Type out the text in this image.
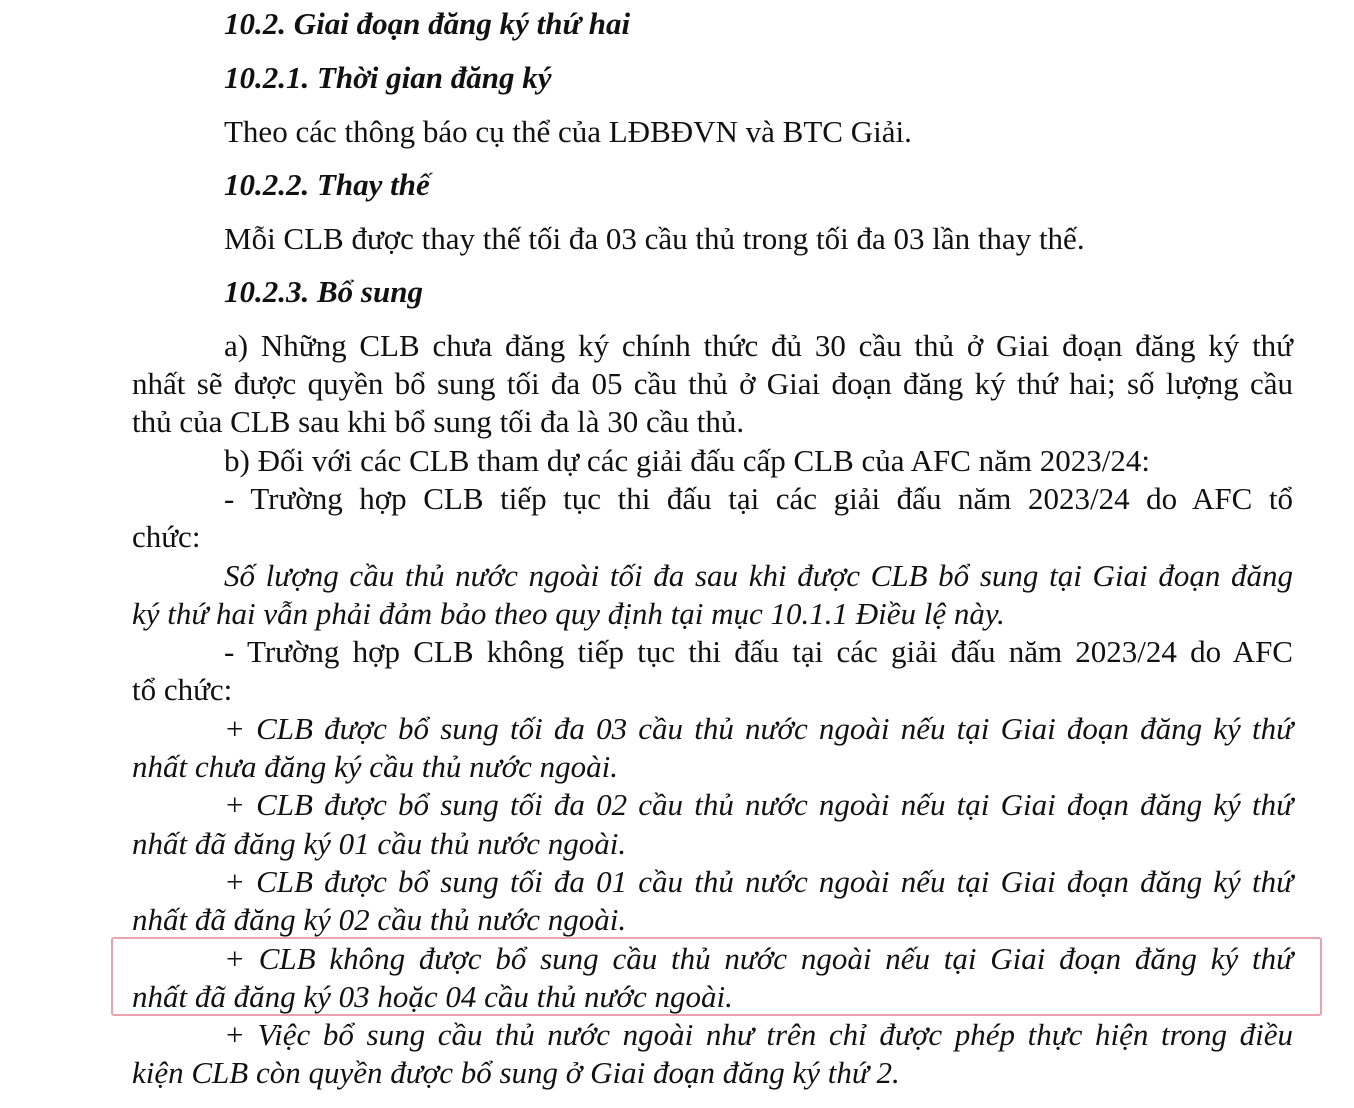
10.2. Giai đoạn đăng ký thứ hai
10.2.1. Thời gian đăng ký
Theo các thông báo cụ thể của LĐBĐVN và BTC Giải.
10.2.2. Thay thế
Mỗi CLB được thay thế tối đa 03 cầu thủ trong tối đa 03 lần thay thế.
10.2.3. Bổ sung
a) Những CLB chưa đăng ký chính thức đủ 30 cầu thủ ở Giai đoạn đăng ký thứ
nhất sẽ được quyền bổ sung tối đa 05 cầu thủ ở Giai đoạn đăng ký thứ hai; số lượng cầu
thủ của CLB sau khi bổ sung tối đa là 30 cầu thủ.
b) Đối với các CLB tham dự các giải đấu cấp CLB của AFC năm 2023/24:
- Trường hợp CLB tiếp tục thi đấu tại các giải đấu năm 2023/24 do AFC tổ
chức:
Số lượng cầu thủ nước ngoài tối đa sau khi được CLB bổ sung tại Giai đoạn đăng
ký thứ hai vẫn phải đảm bảo theo quy định tại mục 10.1.1 Điều lệ này.
- Trường hợp CLB không tiếp tục thi đấu tại các giải đấu năm 2023/24 do AFC
tổ chức:
+ CLB được bổ sung tối đa 03 cầu thủ nước ngoài nếu tại Giai đoạn đăng ký thứ
nhất chưa đăng ký cầu thủ nước ngoài.
+ CLB được bổ sung tối đa 02 cầu thủ nước ngoài nếu tại Giai đoạn đăng ký thứ
nhất đã đăng ký 01 cầu thủ nước ngoài.
+ CLB được bổ sung tối đa 01 cầu thủ nước ngoài nếu tại Giai đoạn đăng ký thứ
nhất đã đăng ký 02 cầu thủ nước ngoài.
+ CLB không được bổ sung cầu thủ nước ngoài nếu tại Giai đoạn đăng ký thứ
nhất đã đăng ký 03 hoặc 04 cầu thủ nước ngoài.
+ Việc bổ sung cầu thủ nước ngoài như trên chỉ được phép thực hiện trong điều
kiện CLB còn quyền được bổ sung ở Giai đoạn đăng ký thứ 2.
